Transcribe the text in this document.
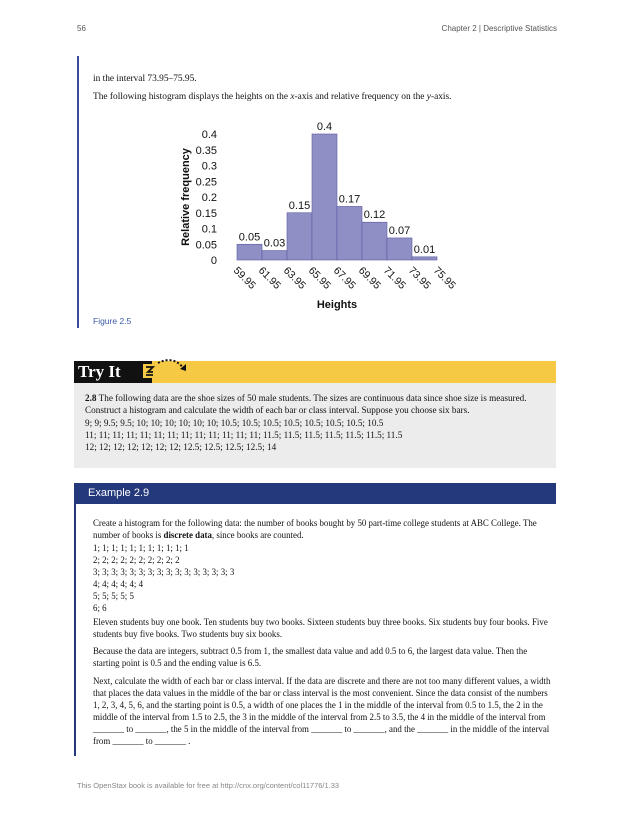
56	Chapter 2 | Descriptive Statistics

in the interval 73.95–75.95.

The following histogram displays the heights on the x-axis and relative frequency on the y-axis.

0
0.05
0.1
0.15
0.2
0.25
0.3
0.35
0.4
Relative frequency	0.05
0.03
0.15
0.4
0.17
0.12
0.07
0.01
59.95
61.95
63.95
65.95
67.95
69.95
71.95
73.95
75.95
Heights
Figure 2.5
Try It
2.8 The following data are the shoe sizes of 50 male students. The sizes are continuous data since shoe size is measured. Construct a histogram and calculate the width of each bar or class interval. Suppose you choose six bars.
9; 9; 9.5; 9.5; 10; 10; 10; 10; 10; 10; 10.5; 10.5; 10.5; 10.5; 10.5; 10.5; 10.5; 10.5
11; 11; 11; 11; 11; 11; 11; 11; 11; 11; 11; 11; 11; 11.5; 11.5; 11.5; 11.5; 11.5; 11.5; 11.5
12; 12; 12; 12; 12; 12; 12; 12.5; 12.5; 12.5; 12.5; 14
Example 2.9
Create a histogram for the following data: the number of books bought by 50 part-time college students at ABC College. The number of books is discrete data, since books are counted.
1; 1; 1; 1; 1; 1; 1; 1; 1; 1; 1
2; 2; 2; 2; 2; 2; 2; 2; 2; 2
3; 3; 3; 3; 3; 3; 3; 3; 3; 3; 3; 3; 3; 3; 3; 3
4; 4; 4; 4; 4; 4
5; 5; 5; 5; 5
6; 6
Eleven students buy one book. Ten students buy two books. Sixteen students buy three books. Six students buy four books. Five students buy five books. Two students buy six books.
Because the data are integers, subtract 0.5 from 1, the smallest data value and add 0.5 to 6, the largest data value. Then the starting point is 0.5 and the ending value is 6.5.
Next, calculate the width of each bar or class interval. If the data are discrete and there are not too many different values, a width that places the data values in the middle of the bar or class interval is the most convenient. Since the data consist of the numbers 1, 2, 3, 4, 5, 6, and the starting point is 0.5, a width of one places the 1 in the middle of the interval from 0.5 to 1.5, the 2 in the middle of the interval from 1.5 to 2.5, the 3 in the middle of the interval from 2.5 to 3.5, the 4 in the middle of the interval from _______ to _______, the 5 in the middle of the interval from _______ to _______, and the _______ in the middle of the interval from _______ to _______ .
This OpenStax book is available for free at http://cnx.org/content/col11776/1.33
